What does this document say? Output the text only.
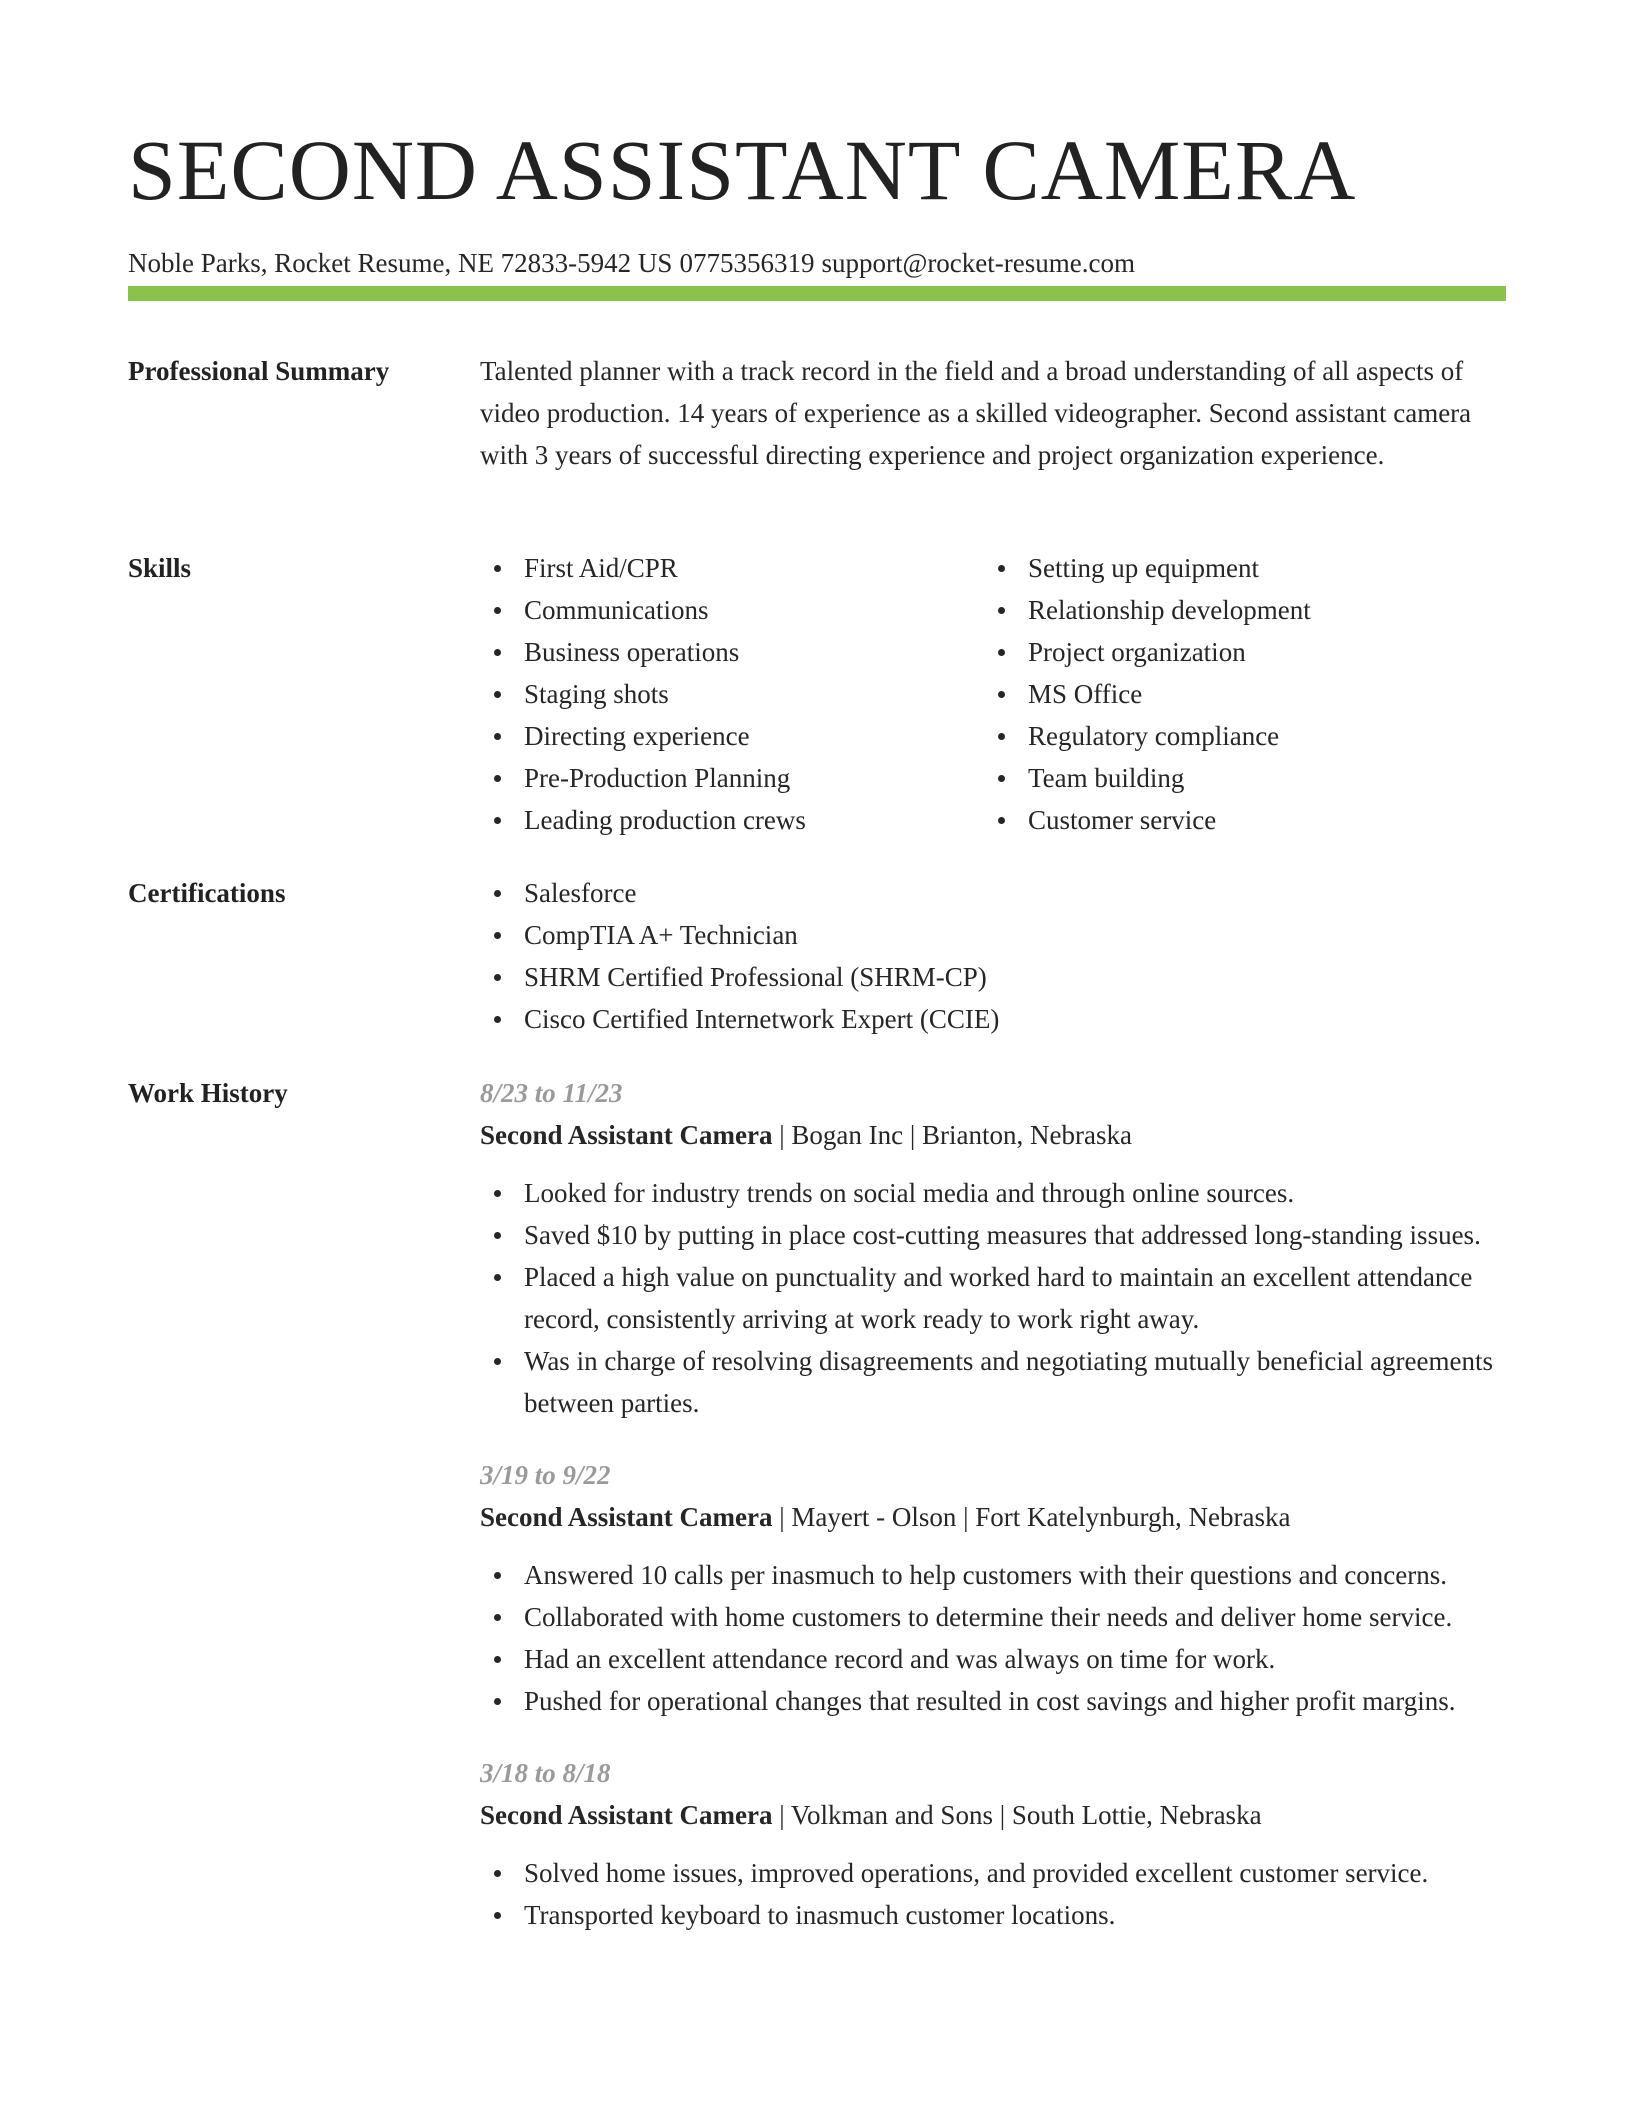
SECOND ASSISTANT CAMERA
Noble Parks, Rocket Resume, NE 72833-5942 US 0775356319 support@rocket-resume.com
Professional Summary	Talented planner with a track record in the field and a broad understanding of all aspects of video production. 14 years of experience as a skilled videographer. Second assistant camera with 3 years of successful directing experience and project organization experience.

Skills	First Aid/CPR
Communications
Business operations
Staging shots
Directing experience
Pre-Production Planning
Leading production crews
Setting up equipment
Relationship development
Project organization
MS Office
Regulatory compliance
Team building
Customer service
Certifications	Salesforce
CompTIA A+ Technician
SHRM Certified Professional (SHRM-CP)
Cisco Certified Internetwork Expert (CCIE)
Work History	8/23 to 11/23
Second Assistant Camera | Bogan Inc | Brianton, Nebraska
Looked for industry trends on social media and through online sources.
Saved $10 by putting in place cost-cutting measures that addressed long-standing issues.
Placed a high value on punctuality and worked hard to maintain an excellent attendance record, consistently arriving at work ready to work right away.
Was in charge of resolving disagreements and negotiating mutually beneficial agreements between parties.
3/19 to 9/22
Second Assistant Camera | Mayert - Olson | Fort Katelynburgh, Nebraska
Answered 10 calls per inasmuch to help customers with their questions and concerns.
Collaborated with home customers to determine their needs and deliver home service.
Had an excellent attendance record and was always on time for work.
Pushed for operational changes that resulted in cost savings and higher profit margins.
3/18 to 8/18
Second Assistant Camera | Volkman and Sons | South Lottie, Nebraska
Solved home issues, improved operations, and provided excellent customer service.
Transported keyboard to inasmuch customer locations.
